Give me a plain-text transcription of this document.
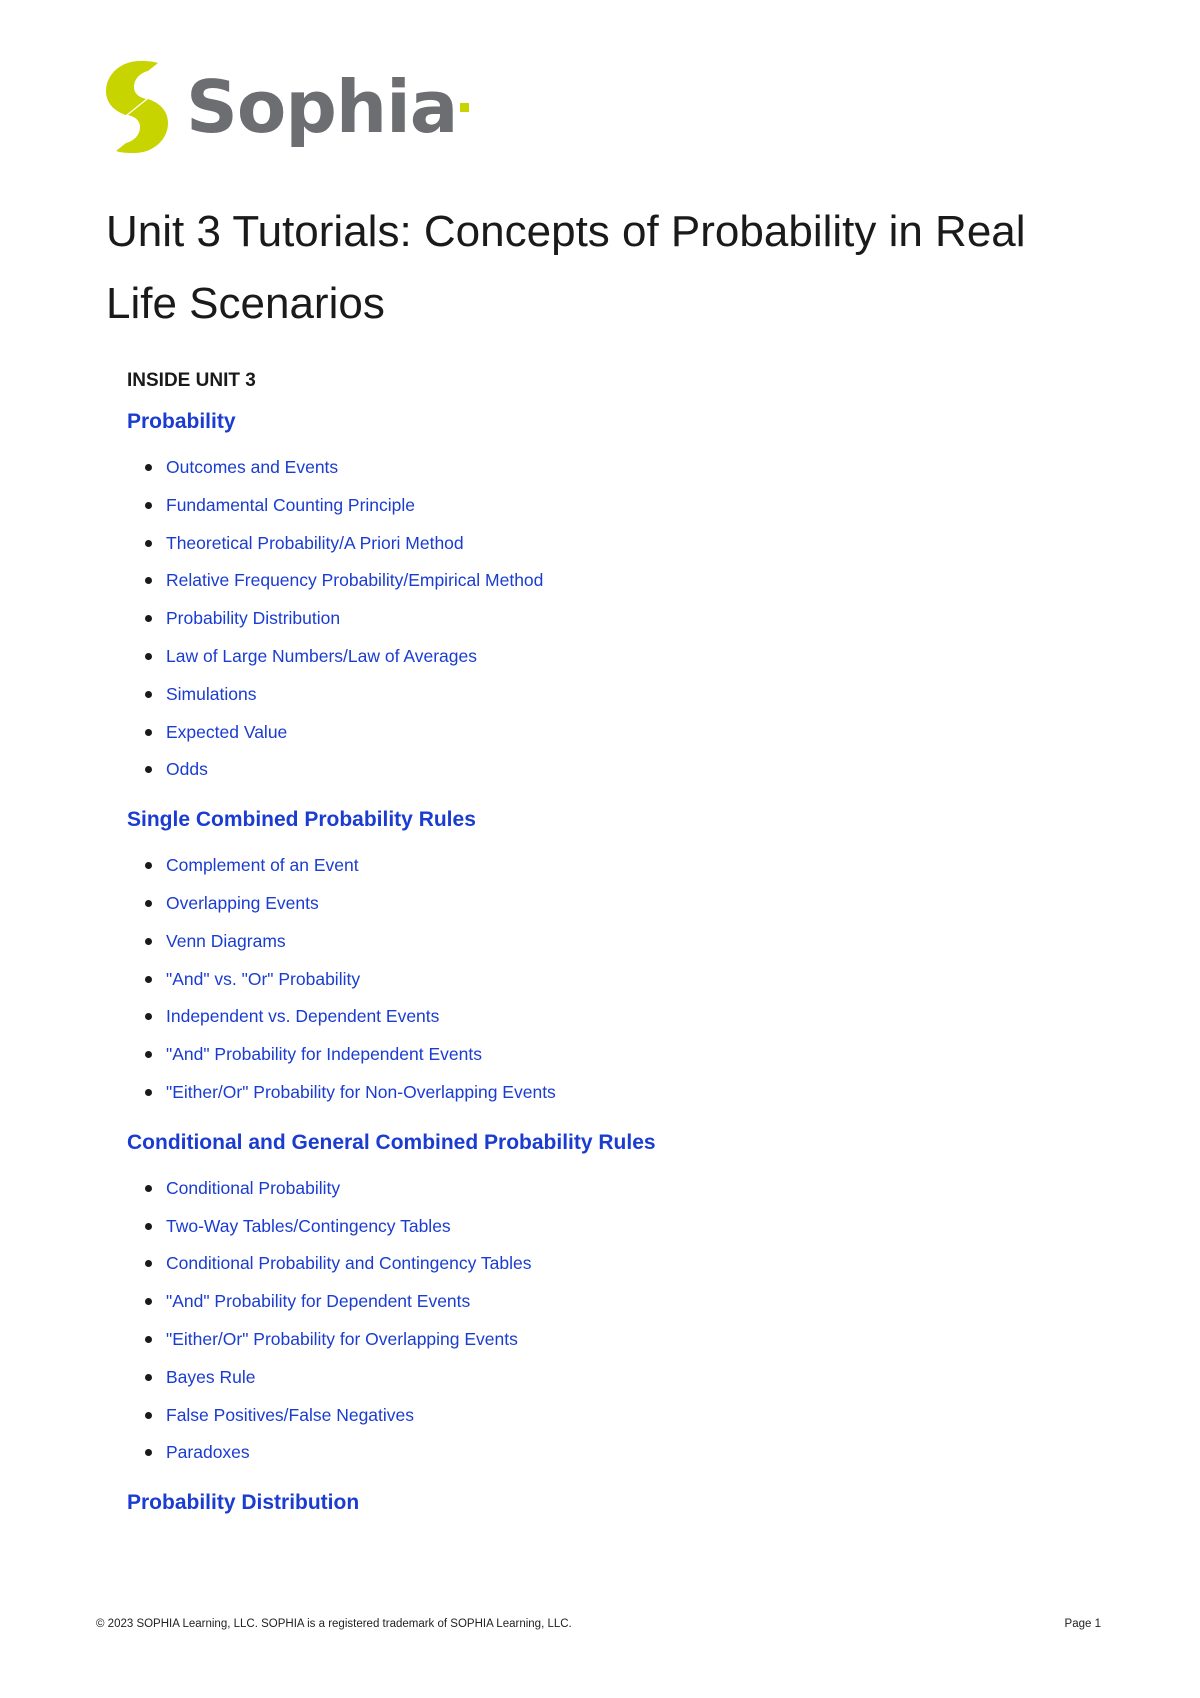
Sophia
Unit 3 Tutorials: Concepts of Probability in Real Life Scenarios
INSIDE UNIT 3
Probability
Outcomes and Events
Fundamental Counting Principle
Theoretical Probability/A Priori Method
Relative Frequency Probability/Empirical Method
Probability Distribution
Law of Large Numbers/Law of Averages
Simulations
Expected Value
Odds
Single Combined Probability Rules
Complement of an Event
Overlapping Events
Venn Diagrams
"And" vs. "Or" Probability
Independent vs. Dependent Events
"And" Probability for Independent Events
"Either/Or" Probability for Non-Overlapping Events
Conditional and General Combined Probability Rules
Conditional Probability
Two-Way Tables/Contingency Tables
Conditional Probability and Contingency Tables
"And" Probability for Dependent Events
"Either/Or" Probability for Overlapping Events
Bayes Rule
False Positives/False Negatives
Paradoxes
Probability Distribution
© 2023 SOPHIA Learning, LLC. SOPHIA is a registered trademark of SOPHIA Learning, LLC.	Page 1
